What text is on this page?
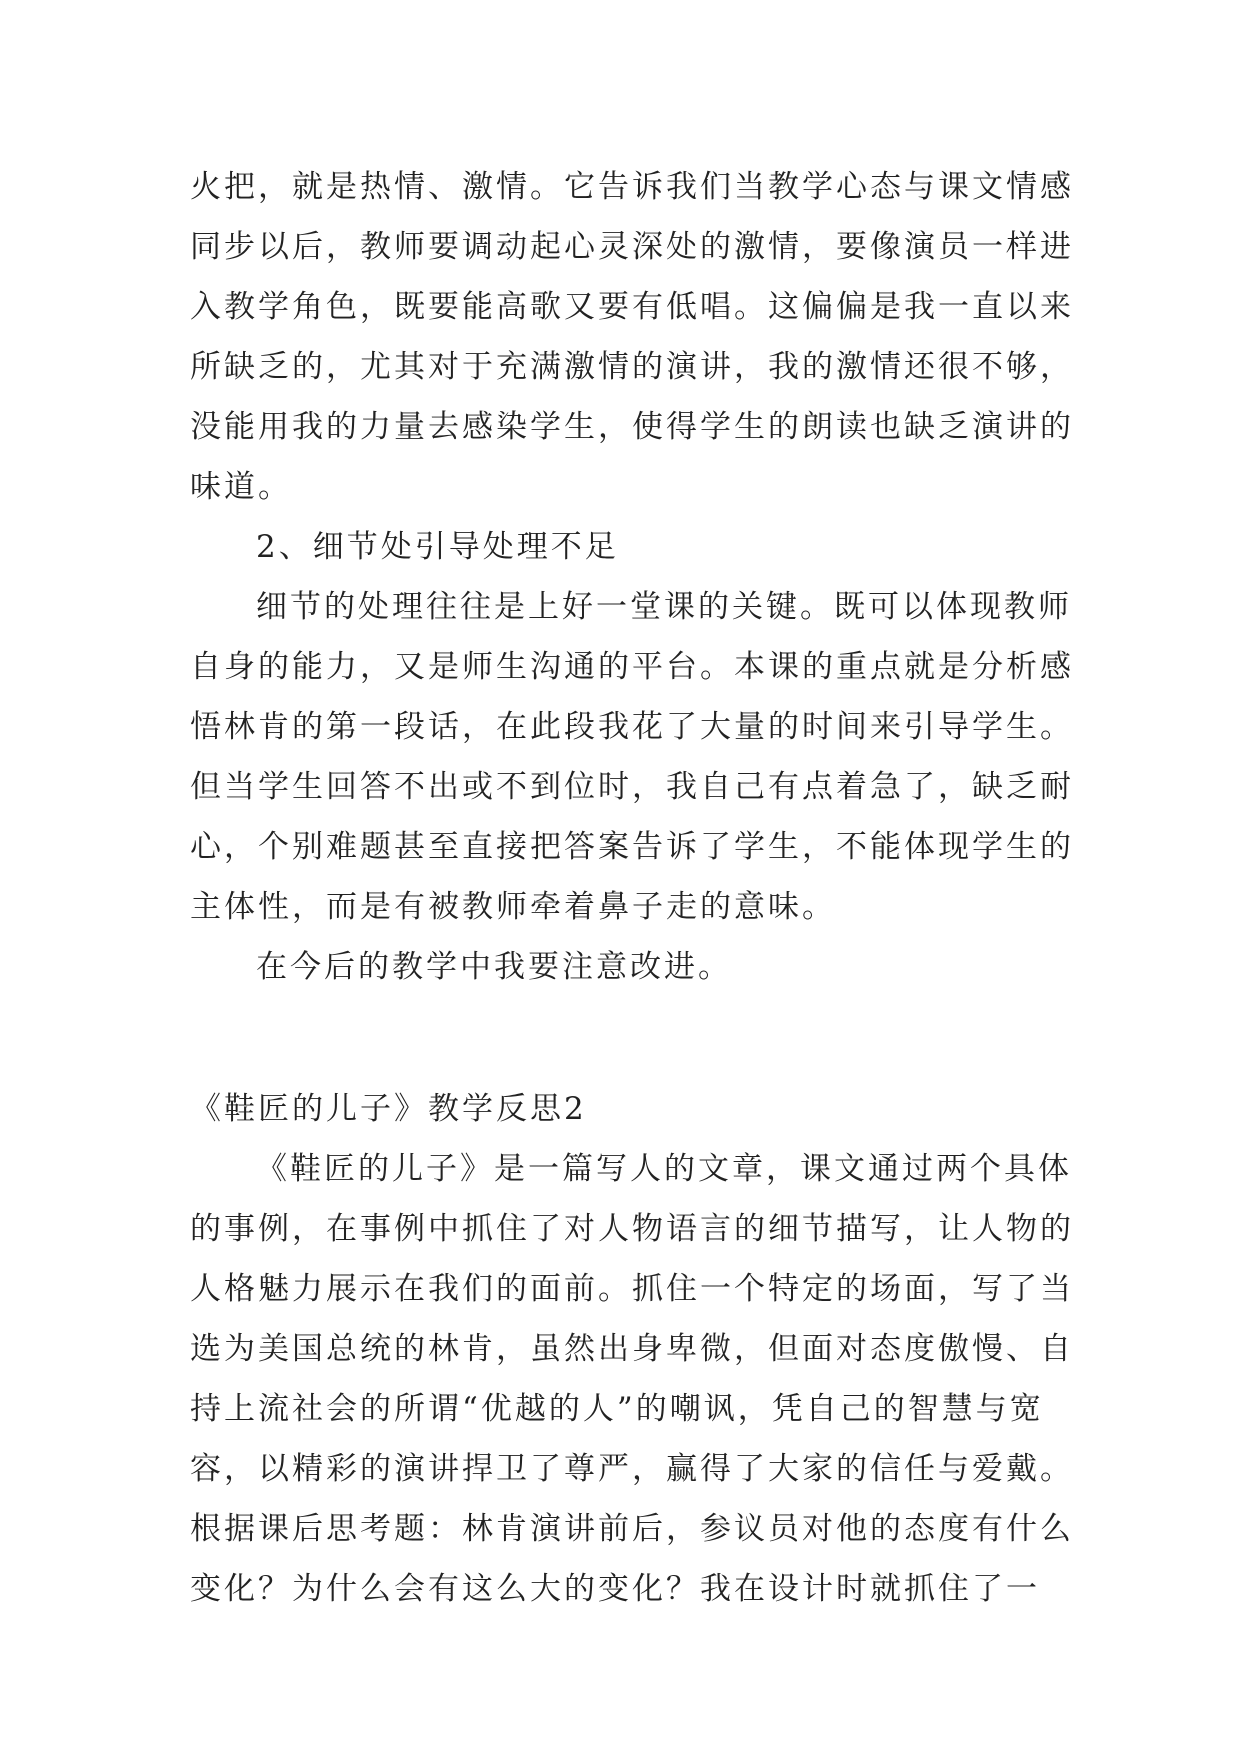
火把，就是热情、激情。它告诉我们当教学心态与课文情感
同步以后，教师要调动起心灵深处的激情，要像演员一样进
入教学角色，既要能高歌又要有低唱。这偏偏是我一直以来
所缺乏的，尤其对于充满激情的演讲，我的激情还很不够，
没能用我的力量去感染学生，使得学生的朗读也缺乏演讲的
味道。
2、细节处引导处理不足
细节的处理往往是上好一堂课的关键。既可以体现教师
自身的能力，又是师生沟通的平台。本课的重点就是分析感
悟林肯的第一段话，在此段我花了大量的时间来引导学生。
但当学生回答不出或不到位时，我自己有点着急了，缺乏耐
心，个别难题甚至直接把答案告诉了学生，不能体现学生的
主体性，而是有被教师牵着鼻子走的意味。
在今后的教学中我要注意改进。
《鞋匠的儿子》教学反思2
《鞋匠的儿子》是一篇写人的文章，课文通过两个具体
的事例，在事例中抓住了对人物语言的细节描写，让人物的
人格魅力展示在我们的面前。抓住一个特定的场面，写了当
选为美国总统的林肯，虽然出身卑微，但面对态度傲慢、自
持上流社会的所谓“优越的人”的嘲讽，凭自己的智慧与宽
容，以精彩的演讲捍卫了尊严，赢得了大家的信任与爱戴。
根据课后思考题：林肯演讲前后，参议员对他的态度有什么
变化？为什么会有这么大的变化？我在设计时就抓住了一
